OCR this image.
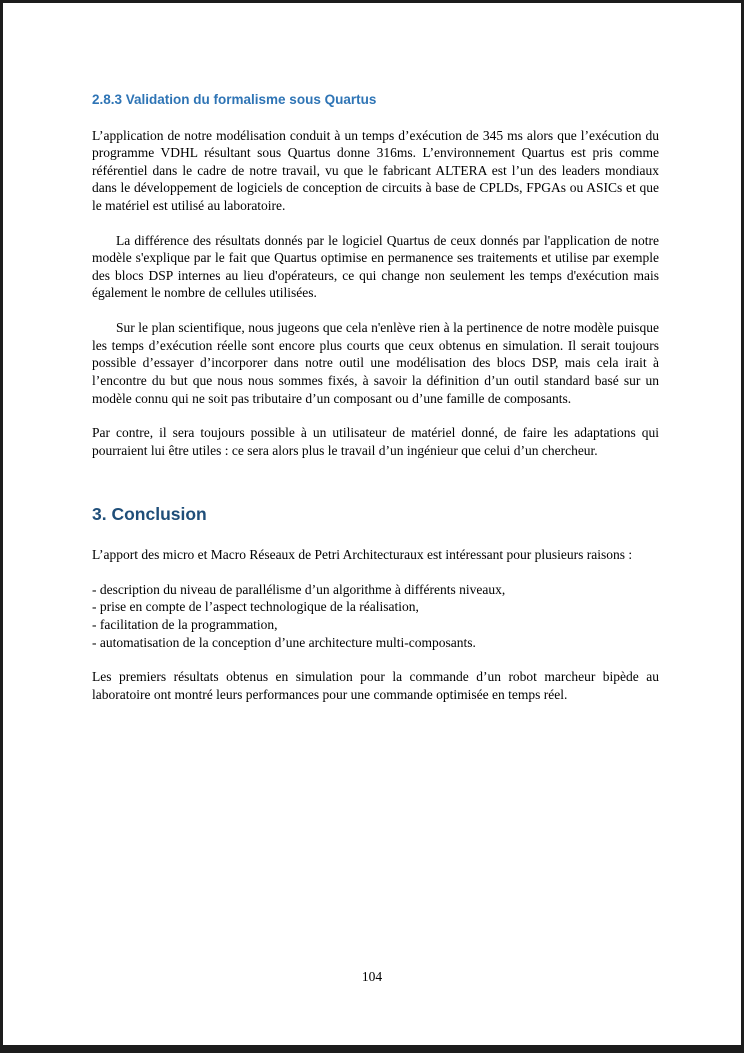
2.8.3 Validation du formalisme sous Quartus

L’application de notre modélisation conduit à un temps d’exécution de 345 ms alors que l’exécution du programme VDHL résultant sous Quartus donne 316ms. L’environnement Quartus est pris comme référentiel dans le cadre de notre travail, vu que le fabricant ALTERA est l’un des leaders mondiaux dans le développement de logiciels de conception de circuits à base de CPLDs, FPGAs ou ASICs et que le matériel est utilisé au laboratoire.

La différence des résultats donnés par le logiciel Quartus de ceux donnés par l'application de notre modèle s'explique par le fait que Quartus optimise en permanence ses traitements et utilise par exemple des blocs DSP internes au lieu d'opérateurs, ce qui change non seulement les temps d'exécution mais également le nombre de cellules utilisées.

Sur le plan scientifique, nous jugeons que cela n'enlève rien à la pertinence de notre modèle puisque les temps d’exécution réelle sont encore plus courts que ceux obtenus en simulation. Il serait toujours possible d’essayer d’incorporer dans notre outil une modélisation des blocs DSP, mais cela irait à l’encontre du but que nous nous sommes fixés, à savoir la définition d’un outil standard basé sur un modèle connu qui ne soit pas tributaire d’un composant ou d’une famille de composants.

Par contre, il sera toujours possible à un utilisateur de matériel donné, de faire les adaptations qui pourraient lui être utiles : ce sera alors plus le travail d’un ingénieur que celui d’un chercheur.

3. Conclusion

L’apport des micro et Macro Réseaux de Petri Architecturaux est intéressant pour plusieurs raisons :

- description du niveau de parallélisme d’un algorithme à différents niveaux,

- prise en compte de l’aspect technologique de la réalisation,

- facilitation de la programmation,

- automatisation de la conception d’une architecture multi-composants.

Les premiers résultats obtenus en simulation pour la commande d’un robot marcheur bipède au laboratoire ont montré leurs performances pour une commande optimisée en temps réel.

104
